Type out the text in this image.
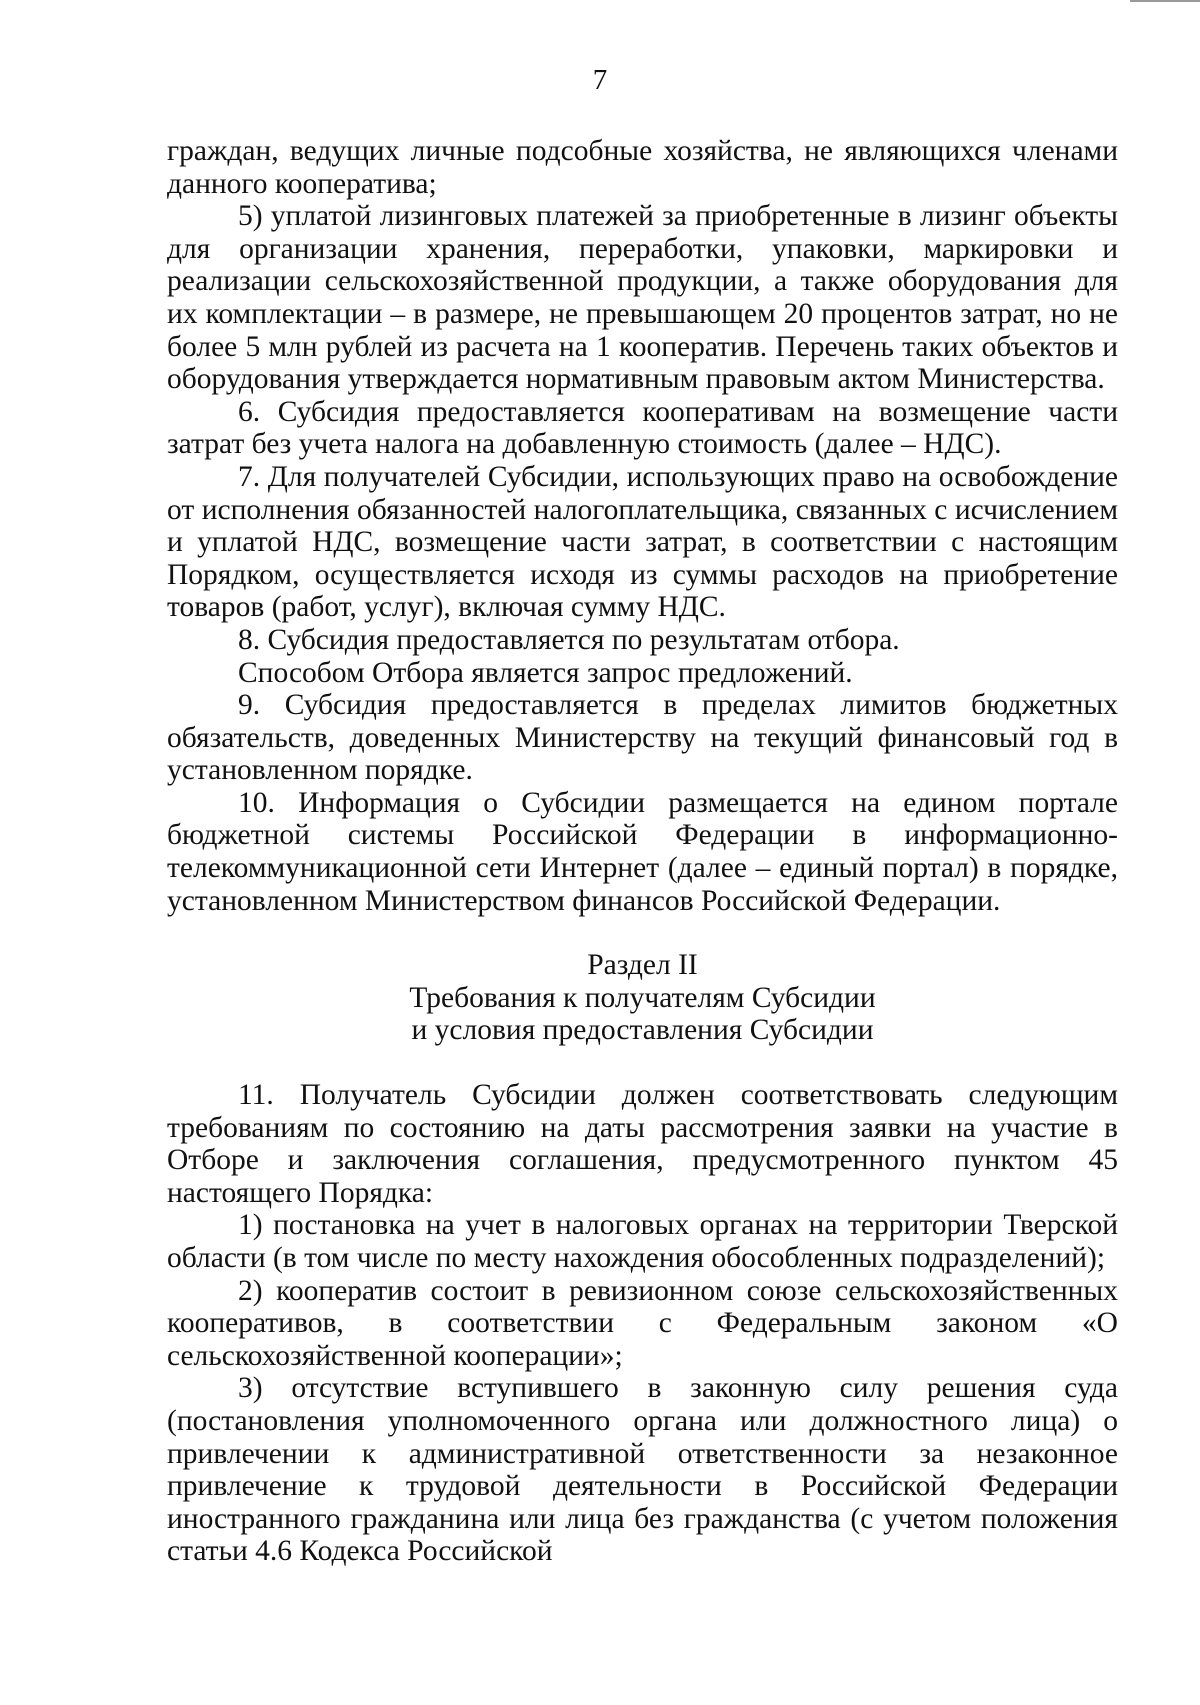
7

граждан, ведущих личные подсобные хозяйства, не являющихся членами данного кооператива;

5) уплатой лизинговых платежей за приобретенные в лизинг объекты для организации хранения, переработки, упаковки, маркировки и реализации сельскохозяйственной продукции, а также оборудования для их комплектации – в размере, не превышающем 20 процентов затрат, но не более 5 млн рублей из расчета на 1 кооператив. Перечень таких объектов и оборудования утверждается нормативным правовым актом Министерства.

6. Субсидия предоставляется кооперативам на возмещение части затрат без учета налога на добавленную стоимость (далее – НДС).

7. Для получателей Субсидии, использующих право на освобождение от исполнения обязанностей налогоплательщика, связанных с исчислением и уплатой НДС, возмещение части затрат, в соответствии с настоящим Порядком, осуществляется исходя из суммы расходов на приобретение товаров (работ, услуг), включая сумму НДС.

8. Субсидия предоставляется по результатам отбора.

Способом Отбора является запрос предложений.

9. Субсидия предоставляется в пределах лимитов бюджетных обязательств, доведенных Министерству на текущий финансовый год в установленном порядке.

10. Информация о Субсидии размещается на едином портале бюджетной системы Российской Федерации в информационно-телекоммуникационной сети Интернет (далее – единый портал) в порядке, установленном Министерством финансов Российской Федерации.

Раздел II
Требования к получателям Субсидии
и условия предоставления Субсидии

11. Получатель Субсидии должен соответствовать следующим требованиям по состоянию на даты рассмотрения заявки на участие в Отборе и заключения соглашения, предусмотренного пунктом 45 настоящего Порядка:

1) постановка на учет в налоговых органах на территории Тверской области (в том числе по месту нахождения обособленных подразделений);

2) кооператив состоит в ревизионном союзе сельскохозяйственных кооперативов, в соответствии с Федеральным законом «О сельскохозяйственной кооперации»;

3) отсутствие вступившего в законную силу решения суда (постановления уполномоченного органа или должностного лица) о привлечении к административной ответственности за незаконное привлечение к трудовой деятельности в Российской Федерации иностранного гражданина или лица без гражданства (с учетом положения статьи 4.6 Кодекса Российской
